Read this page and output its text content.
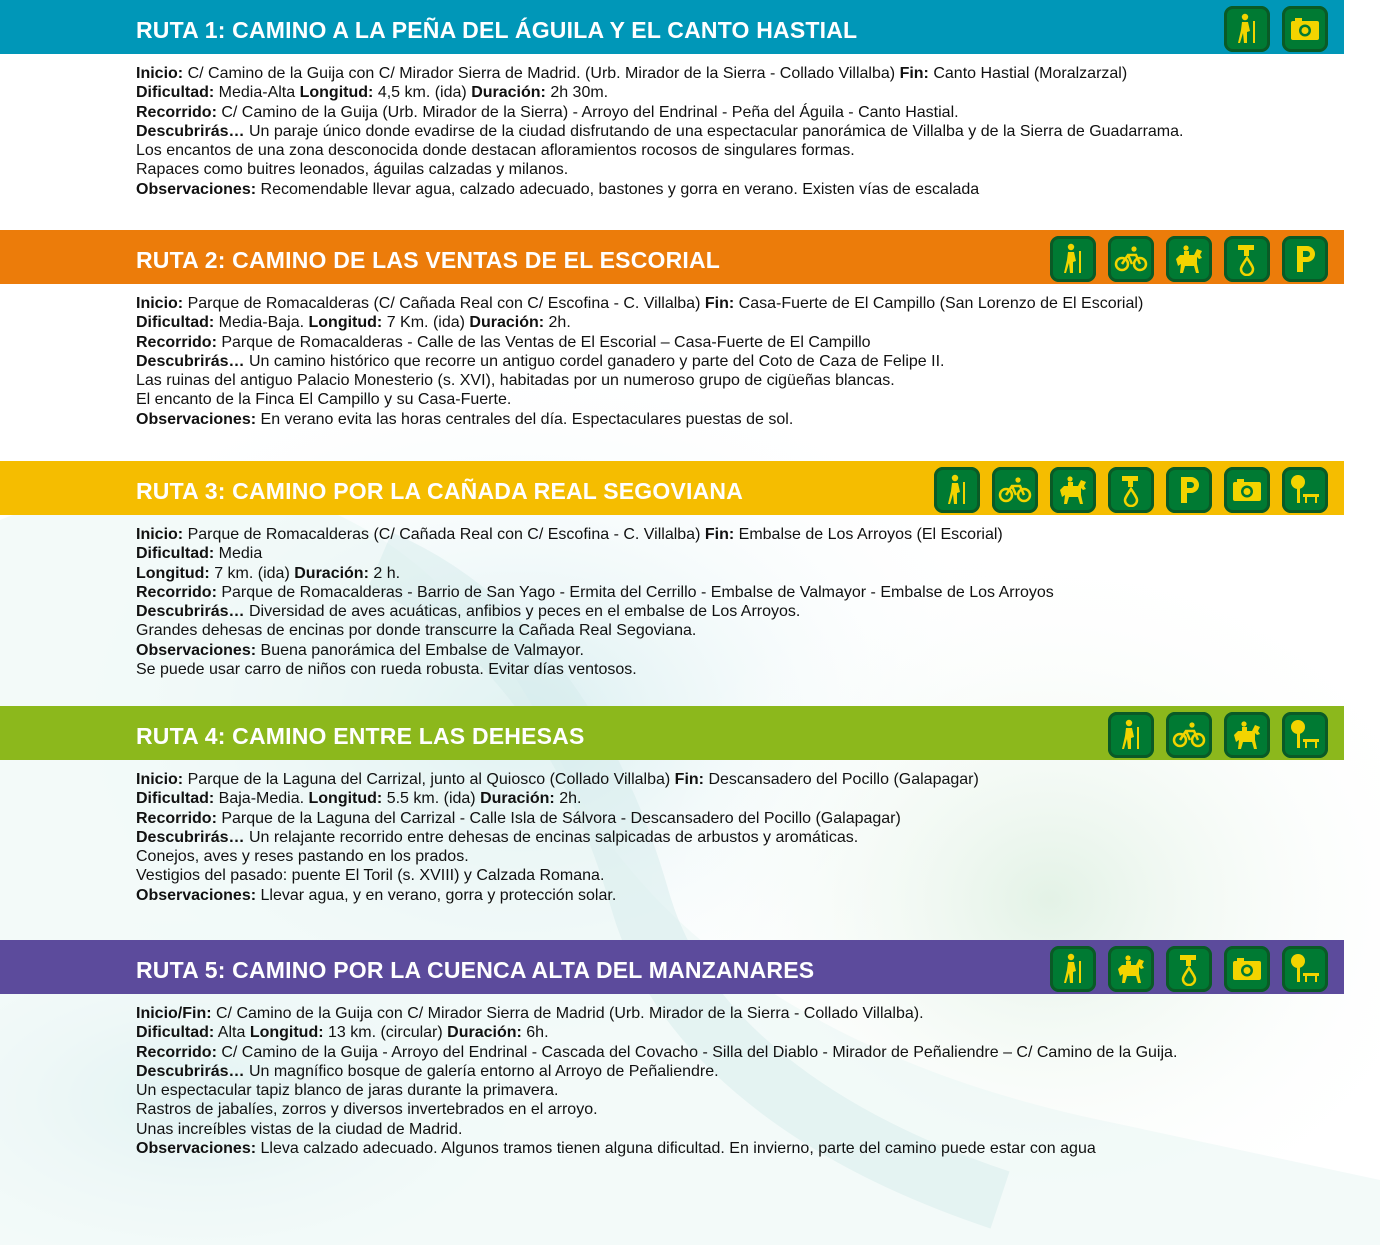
RUTA 1: CAMINO A LA PEÑA DEL ÁGUILA Y EL CANTO HASTIAL

Inicio: C/ Camino de la Guija con C/ Mirador Sierra de Madrid. (Urb. Mirador de la Sierra - Collado Villalba) Fin: Canto Hastial (Moralzarzal)

Dificultad: Media-Alta Longitud: 4,5 km. (ida) Duración: 2h 30m.

Recorrido: C/ Camino de la Guija (Urb. Mirador de la Sierra) - Arroyo del Endrinal - Peña del Águila - Canto Hastial.

Descubrirás… Un paraje único donde evadirse de la ciudad disfrutando de una espectacular panorámica de Villalba y de la Sierra de Guadarrama.

Los encantos de una zona desconocida donde destacan afloramientos rocosos de singulares formas.

Rapaces como buitres leonados, águilas calzadas y milanos.

Observaciones: Recomendable llevar agua, calzado adecuado, bastones y gorra en verano. Existen vías de escalada

RUTA 2: CAMINO DE LAS VENTAS DE EL ESCORIAL

Inicio: Parque de Romacalderas (C/ Cañada Real con C/ Escofina - C. Villalba) Fin: Casa-Fuerte de El Campillo (San Lorenzo de El Escorial)

Dificultad: Media-Baja. Longitud: 7 Km. (ida) Duración: 2h.

Recorrido: Parque de Romacalderas - Calle de las Ventas de El Escorial – Casa-Fuerte de El Campillo

Descubrirás… Un camino histórico que recorre un antiguo cordel ganadero y parte del Coto de Caza de Felipe II.

Las ruinas del antiguo Palacio Monesterio (s. XVI), habitadas por un numeroso grupo de cigüeñas blancas.

El encanto de la Finca El Campillo y su Casa-Fuerte.

Observaciones: En verano evita las horas centrales del día. Espectaculares puestas de sol.

RUTA 3: CAMINO POR LA CAÑADA REAL SEGOVIANA

Inicio: Parque de Romacalderas (C/ Cañada Real con C/ Escofina - C. Villalba) Fin: Embalse de Los Arroyos (El Escorial)

Dificultad: Media

Longitud: 7 km. (ida) Duración: 2 h.

Recorrido: Parque de Romacalderas - Barrio de San Yago - Ermita del Cerrillo - Embalse de Valmayor - Embalse de Los Arroyos

Descubrirás… Diversidad de aves acuáticas, anfibios y peces en el embalse de Los Arroyos.

Grandes dehesas de encinas por donde transcurre la Cañada Real Segoviana.

Observaciones: Buena panorámica del Embalse de Valmayor.

Se puede usar carro de niños con rueda robusta. Evitar días ventosos.

RUTA 4: CAMINO ENTRE LAS DEHESAS

Inicio: Parque de la Laguna del Carrizal, junto al Quiosco (Collado Villalba) Fin: Descansadero del Pocillo (Galapagar)

Dificultad: Baja-Media. Longitud: 5.5 km. (ida) Duración: 2h.

Recorrido: Parque de la Laguna del Carrizal - Calle Isla de Sálvora - Descansadero del Pocillo (Galapagar)

Descubrirás… Un relajante recorrido entre dehesas de encinas salpicadas de arbustos y aromáticas.

Conejos, aves y reses pastando en los prados.

Vestigios del pasado: puente El Toril (s. XVIII) y Calzada Romana.

Observaciones: Llevar agua, y en verano, gorra y protección solar.

RUTA 5: CAMINO POR LA CUENCA ALTA DEL MANZANARES

Inicio/Fin: C/ Camino de la Guija con C/ Mirador Sierra de Madrid (Urb. Mirador de la Sierra - Collado Villalba).

Dificultad: Alta Longitud: 13 km. (circular) Duración: 6h.

Recorrido: C/ Camino de la Guija - Arroyo del Endrinal - Cascada del Covacho - Silla del Diablo - Mirador de Peñaliendre – C/ Camino de la Guija.

Descubrirás… Un magnífico bosque de galería entorno al Arroyo de Peñaliendre.

Un espectacular tapiz blanco de jaras durante la primavera.

Rastros de jabalíes, zorros y diversos invertebrados en el arroyo.

Unas increíbles vistas de la ciudad de Madrid.

Observaciones: Lleva calzado adecuado. Algunos tramos tienen alguna dificultad. En invierno, parte del camino puede estar con agua
